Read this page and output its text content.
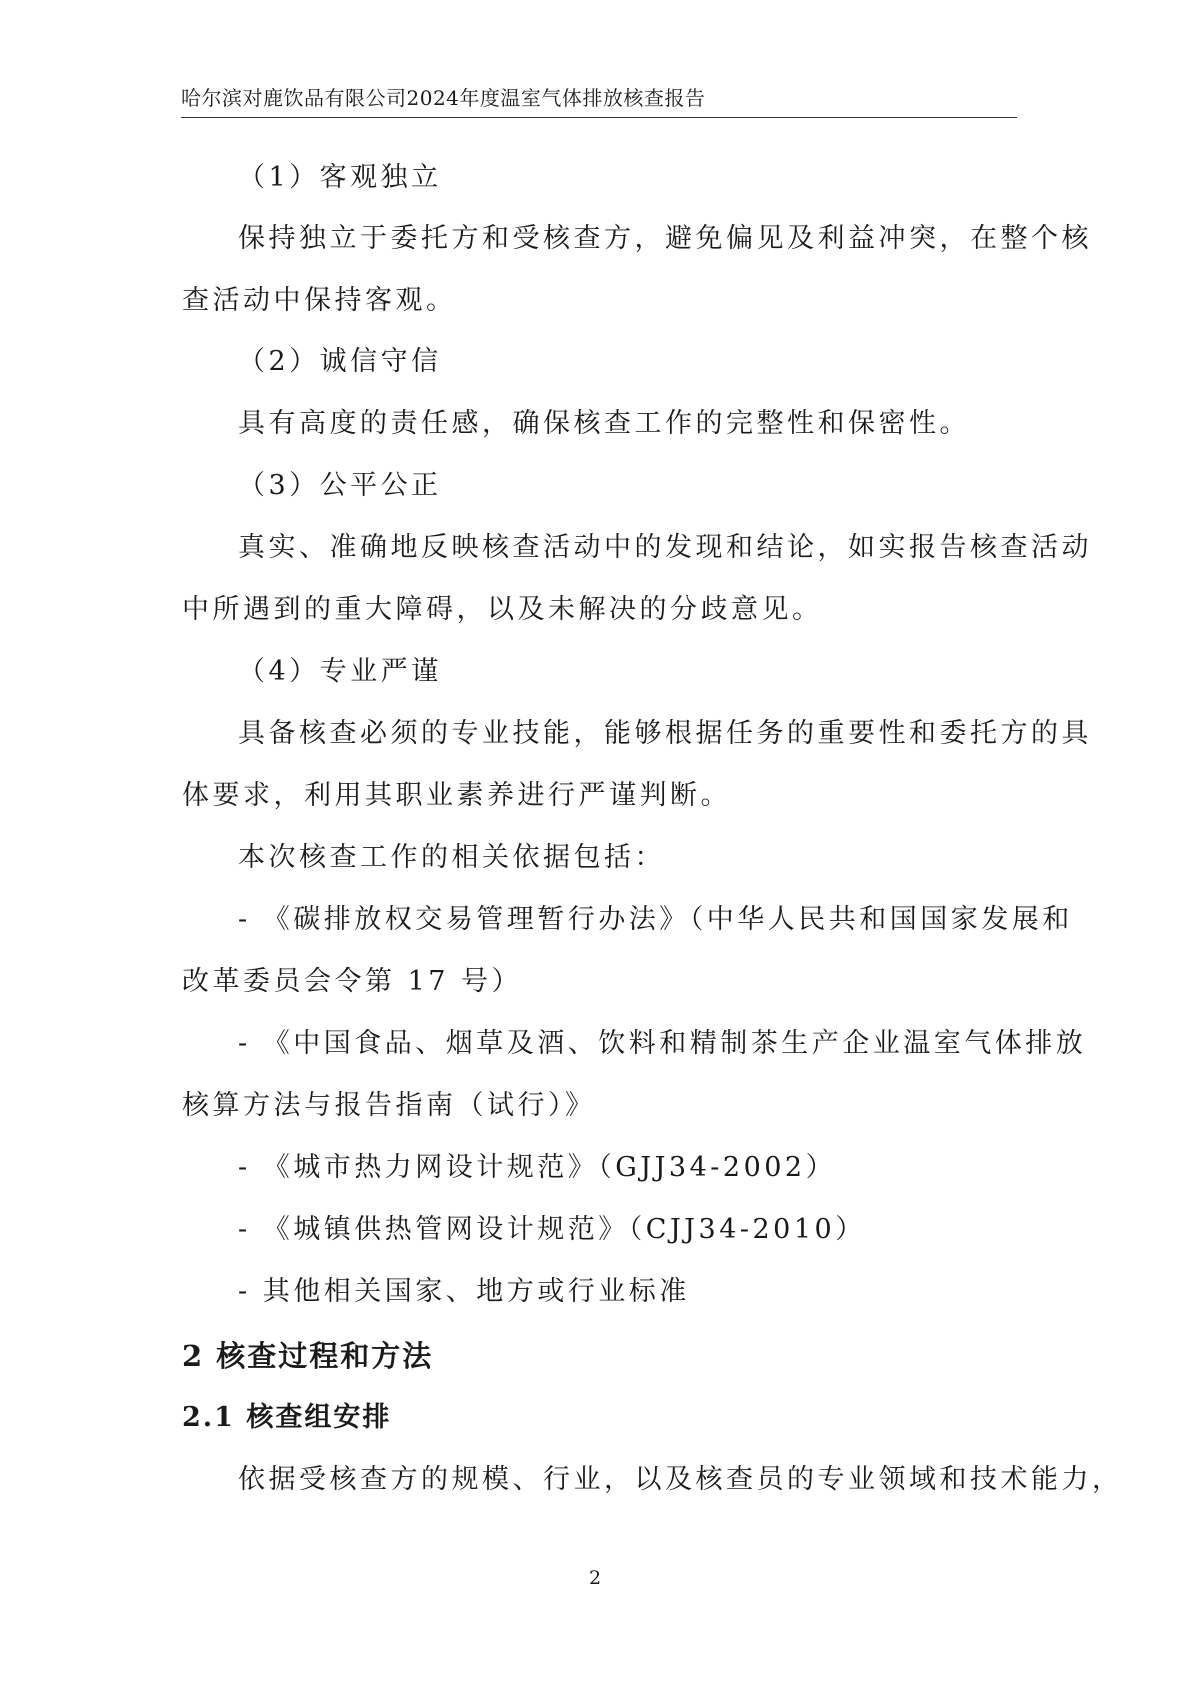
哈尔滨对鹿饮品有限公司2024年度温室气体排放核查报告
（1）客观独立
保持独立于委托方和受核查方，避免偏见及利益冲突，在整个核
查活动中保持客观。
（2）诚信守信
具有高度的责任感，确保核查工作的完整性和保密性。
（3）公平公正
真实、准确地反映核查活动中的发现和结论，如实报告核查活动
中所遇到的重大障碍，以及未解决的分歧意见。
（4）专业严谨
具备核查必须的专业技能，能够根据任务的重要性和委托方的具
体要求，利用其职业素养进行严谨判断。
本次核查工作的相关依据包括：
- 《碳排放权交易管理暂行办法》（中华人民共和国国家发展和
改革委员会令第 17 号）
- 《中国食品、烟草及酒、饮料和精制茶生产企业温室气体排放
核算方法与报告指南（试行）》
- 《城市热力网设计规范》（GJJ34-2002）
- 《城镇供热管网设计规范》（CJJ34-2010）
- 其他相关国家、地方或行业标准
2 核查过程和方法
2.1 核查组安排
依据受核查方的规模、行业，以及核查员的专业领域和技术能力，
2
